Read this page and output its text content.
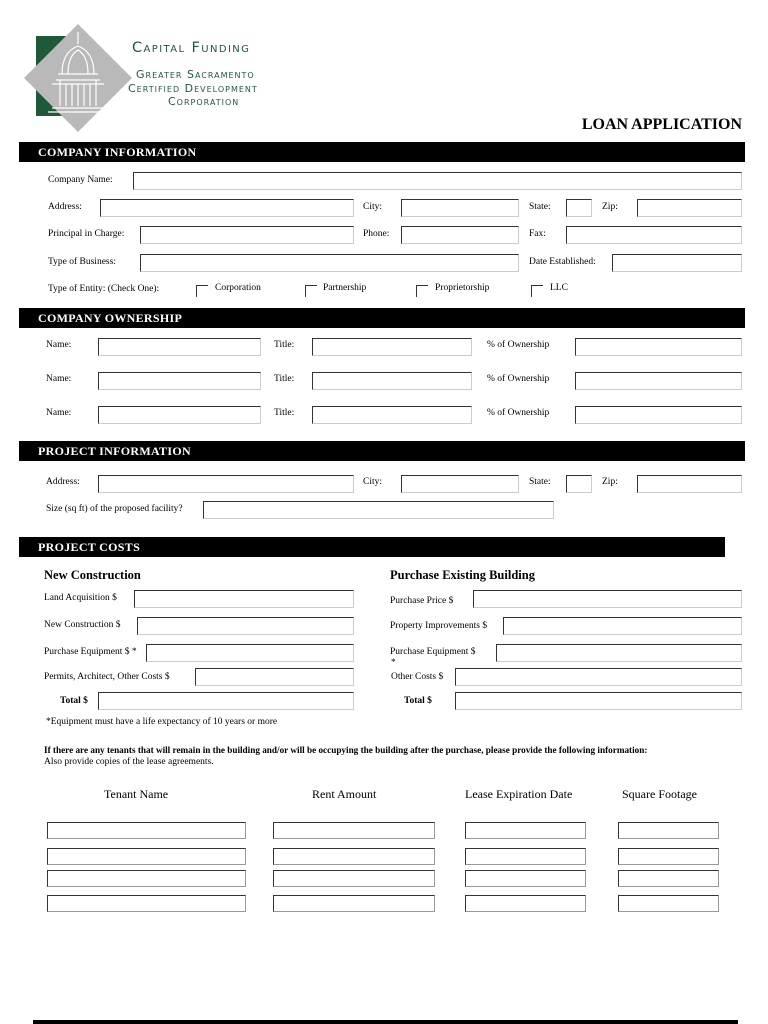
Capital Funding
Greater Sacramento
Certified Development
Corporation
LOAN APPLICATION
COMPANY INFORMATION
Company Name:
Address:	City:	State:	Zip:
Principal in Charge:	Phone:	Fax:
Type of Business:	Date Established:
Type of Entity: (Check One):	Corporation	Partnership	Proprietorship	LLC
COMPANY OWNERSHIP
Name:	Title:	% of Ownership
Name:	Title:	% of Ownership
Name:	Title:	% of Ownership
PROJECT INFORMATION
Address:	City:	State:	Zip:
Size (sq ft) of the proposed facility?
PROJECT COSTS
New Construction	Purchase Existing Building
Land Acquisition $	Purchase Price $
New Construction $	Property Improvements $
Purchase Equipment $ *	Purchase Equipment $
*
Permits, Architect, Other Costs $	Other Costs $
Total $	Total $
*Equipment must have a life expectancy of 10 years or more
If there are any tenants that will remain in the building and/or will be occupying the building after the purchase, please provide the following information:
Also provide copies of the lease agreements.
Tenant Name	Rent Amount	Lease Expiration Date	Square Footage
